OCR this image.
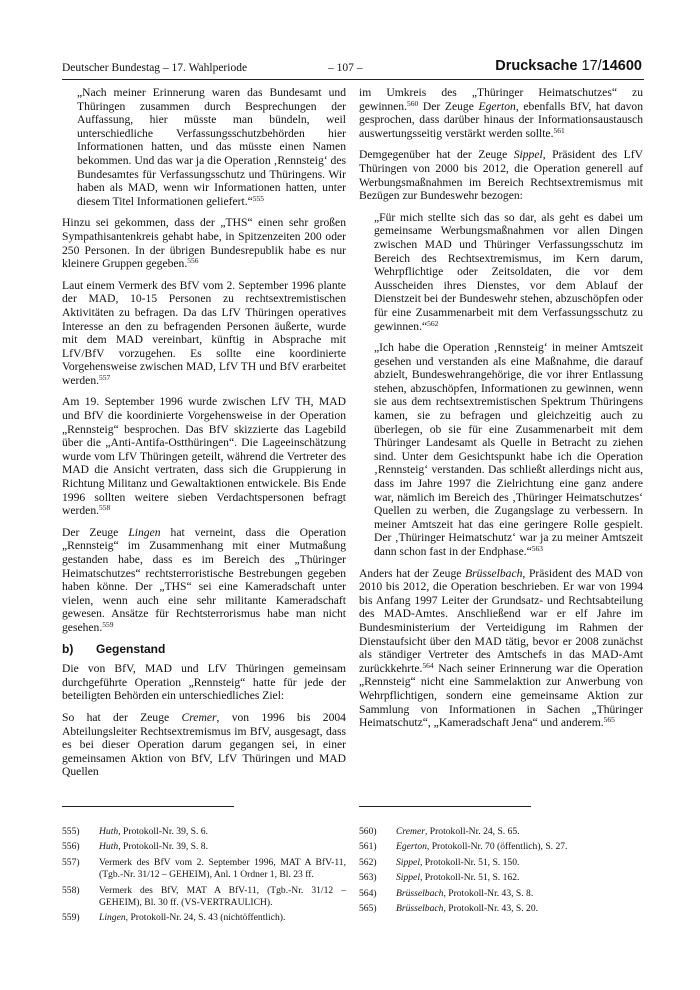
Deutscher Bundestag – 17. Wahlperiode	– 107 –	Drucksache 17/14600

„Nach meiner Erinnerung waren das Bundesamt und Thüringen zusammen durch Besprechungen der Auffassung, hier müsste man bündeln, weil unterschiedliche Verfassungsschutzbehörden hier Informationen hatten, und das müsste einen Namen bekommen. Und das war ja die Operation ‚Rennsteig‘ des Bundesamtes für Verfassungsschutz und Thüringens. Wir haben als MAD, wenn wir Informationen hatten, unter diesem Titel Informationen geliefert.“$^{555}$

Hinzu sei gekommen, dass der „THS“ einen sehr großen Sympathisantenkreis gehabt habe, in Spitzenzeiten 200 oder 250 Personen. In der übrigen Bundesrepublik habe es nur kleinere Gruppen gegeben.$^{556}$

Laut einem Vermerk des BfV vom 2. September 1996 plante der MAD, 10-15 Personen zu rechtsextremistischen Aktivitäten zu befragen. Da das LfV Thüringen operatives Interesse an den zu befragenden Personen äußerte, wurde mit dem MAD vereinbart, künftig in Absprache mit LfV/BfV vorzugehen. Es sollte eine koordinierte Vorgehensweise zwischen MAD, LfV TH und BfV erarbeitet werden.$^{557}$

Am 19. September 1996 wurde zwischen LfV TH, MAD und BfV die koordinierte Vorgehensweise in der Operation „Rennsteig“ besprochen. Das BfV skizzierte das Lagebild über die „Anti-Antifa-Ostthüringen“. Die Lageeinschätzung wurde vom LfV Thüringen geteilt, während die Vertreter des MAD die Ansicht vertraten, dass sich die Gruppierung in Richtung Militanz und Gewaltaktionen entwickele. Bis Ende 1996 sollten weitere sieben Verdachtspersonen befragt werden.$^{558}$

Der Zeuge Lingen hat verneint, dass die Operation „Rennsteig“ im Zusammenhang mit einer Mutmaßung gestanden habe, dass es im Bereich des „Thüringer Heimatschutzes“ rechtsterroristische Bestrebungen gegeben haben könne. Der „THS“ sei eine Kameradschaft unter vielen, wenn auch eine sehr militante Kameradschaft gewesen. Ansätze für Rechtsterrorismus habe man nicht gesehen.$^{559}$

b) Gegenstand

Die von BfV, MAD und LfV Thüringen gemeinsam durchgeführte Operation „Rennsteig“ hatte für jede der beteiligten Behörden ein unterschiedliches Ziel:

So hat der Zeuge Cremer, von 1996 bis 2004 Abteilungsleiter Rechtsextremismus im BfV, ausgesagt, dass es bei dieser Operation darum gegangen sei, in einer gemeinsamen Aktion von BfV, LfV Thüringen und MAD Quellen

im Umkreis des „Thüringer Heimatschutzes“ zu gewinnen.$^{560}$ Der Zeuge Egerton, ebenfalls BfV, hat davon gesprochen, dass darüber hinaus der Informationsaustausch auswertungsseitig verstärkt werden sollte.$^{561}$

Demgegenüber hat der Zeuge Sippel, Präsident des LfV Thüringen von 2000 bis 2012, die Operation generell auf Werbungsmaßnahmen im Bereich Rechtsextremismus mit Bezügen zur Bundeswehr bezogen:

„Für mich stellte sich das so dar, als geht es dabei um gemeinsame Werbungsmaßnahmen vor allen Dingen zwischen MAD und Thüringer Verfassungsschutz im Bereich des Rechtsextremismus, im Kern darum, Wehrpflichtige oder Zeitsoldaten, die vor dem Ausscheiden ihres Dienstes, vor dem Ablauf der Dienstzeit bei der Bundeswehr stehen, abzuschöpfen oder für eine Zusammenarbeit mit dem Verfassungsschutz zu gewinnen.“$^{562}$

„Ich habe die Operation ‚Rennsteig‘ in meiner Amtszeit gesehen und verstanden als eine Maßnahme, die darauf abzielt, Bundeswehrangehörige, die vor ihrer Entlassung stehen, abzuschöpfen, Informationen zu gewinnen, wenn sie aus dem rechtsextremistischen Spektrum Thüringens kamen, sie zu befragen und gleichzeitig auch zu überlegen, ob sie für eine Zusammenarbeit mit dem Thüringer Landesamt als Quelle in Betracht zu ziehen sind. Unter dem Gesichtspunkt habe ich die Operation ‚Rennsteig‘ verstanden. Das schließt allerdings nicht aus, dass im Jahre 1997 die Zielrichtung eine ganz andere war, nämlich im Bereich des ‚Thüringer Heimatschutzes‘ Quellen zu werben, die Zugangslage zu verbessern. In meiner Amtszeit hat das eine geringere Rolle gespielt. Der ‚Thüringer Heimatschutz‘ war ja zu meiner Amtszeit dann schon fast in der Endphase.“$^{563}$

Anders hat der Zeuge Brüsselbach, Präsident des MAD von 2010 bis 2012, die Operation beschrieben. Er war von 1994 bis Anfang 1997 Leiter der Grundsatz- und Rechtsabteilung des MAD-Amtes. Anschließend war er elf Jahre im Bundesministerium der Verteidigung im Rahmen der Dienstaufsicht über den MAD tätig, bevor er 2008 zunächst als ständiger Vertreter des Amtschefs in das MAD-Amt zurückkehrte.$^{564}$ Nach seiner Erinnerung war die Operation „Rennsteig“ nicht eine Sammelaktion zur Anwerbung von Wehrpflichtigen, sondern eine gemeinsame Aktion zur Sammlung von Informationen in Sachen „Thüringer Heimatschutz“, „Kameradschaft Jena“ und anderem.$^{565}$

555)	Huth, Protokoll-Nr. 39, S. 6.
556)	Huth, Protokoll-Nr. 39, S. 8.
557)	Vermerk des BfV vom 2. September 1996, MAT A BfV-11, (Tgb.-Nr. 31/12 – GEHEIM), Anl. 1 Ordner 1, Bl. 23 ff.
558)	Vermerk des BfV, MAT A BfV-11, (Tgb.-Nr. 31/12 – GEHEIM), Bl. 30 ff. (VS-VERTRAULICH).
559)	Lingen, Protokoll-Nr. 24, S. 43 (nichtöffentlich).
560)	Cremer, Protokoll-Nr. 24, S. 65.
561)	Egerton, Protokoll-Nr. 70 (öffentlich), S. 27.
562)	Sippel, Protokoll-Nr. 51, S. 150.
563)	Sippel, Protokoll-Nr. 51, S. 162.
564)	Brüsselbach, Protokoll-Nr. 43, S. 8.
565)	Brüsselbach, Protokoll-Nr. 43, S. 20.
